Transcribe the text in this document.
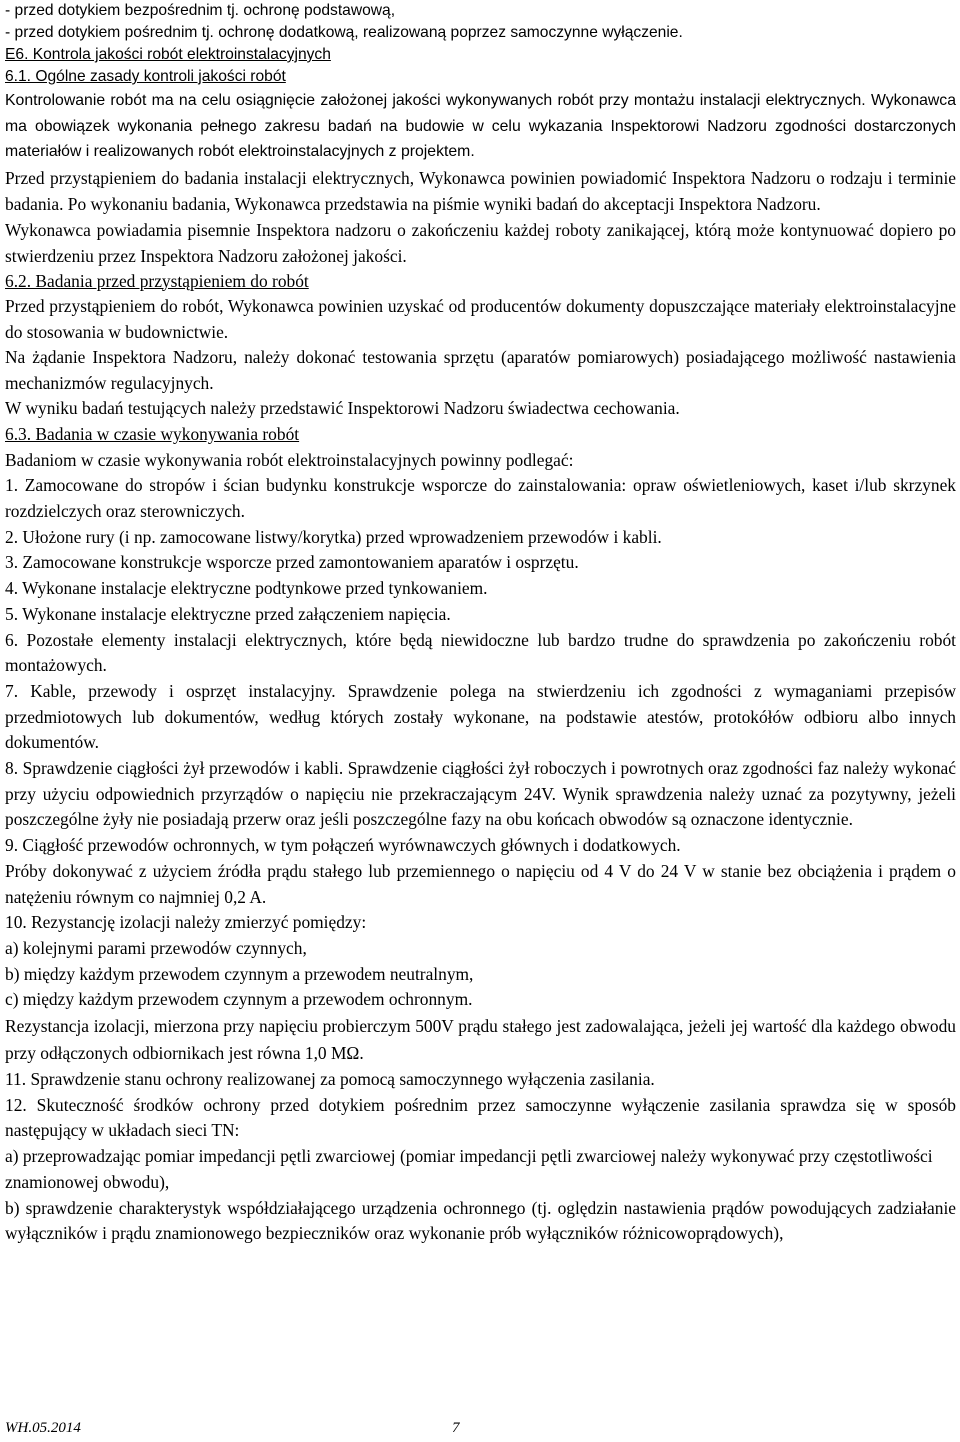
- przed dotykiem bezpośrednim tj. ochronę podstawową,

- przed dotykiem pośrednim tj. ochronę dodatkową, realizowaną poprzez samoczynne wyłączenie.

E6. Kontrola jakości robót elektroinstalacyjnych

6.1. Ogólne zasady kontroli jakości robót

Kontrolowanie robót ma na celu osiągnięcie założonej jakości wykonywanych robót przy montażu instalacji elektrycznych. Wykonawca ma obowiązek wykonania pełnego zakresu badań na budowie w celu wykazania Inspektorowi Nadzoru zgodności dostarczonych materiałów i realizowanych robót elektroinstalacyjnych z projektem.

Przed przystąpieniem do badania instalacji elektrycznych, Wykonawca powinien powiadomić Inspektora Nadzoru o rodzaju i terminie badania. Po wykonaniu badania, Wykonawca przedstawia na piśmie wyniki badań do akceptacji Inspektora Nadzoru.

Wykonawca powiadamia pisemnie Inspektora nadzoru o zakończeniu każdej roboty zanikającej, którą może kontynuować dopiero po stwierdzeniu przez Inspektora Nadzoru założonej jakości.

6.2. Badania przed przystąpieniem do robót

Przed przystąpieniem do robót, Wykonawca powinien uzyskać od producentów dokumenty dopuszczające materiały elektroinstalacyjne do stosowania w budownictwie.

Na żądanie Inspektora Nadzoru, należy dokonać testowania sprzętu (aparatów pomiarowych) posiadającego możliwość nastawienia mechanizmów regulacyjnych.

W wyniku badań testujących należy przedstawić Inspektorowi Nadzoru świadectwa cechowania.

6.3. Badania w czasie wykonywania robót

Badaniom w czasie wykonywania robót elektroinstalacyjnych powinny podlegać:

1. Zamocowane do stropów i ścian budynku konstrukcje wsporcze do zainstalowania: opraw oświetleniowych, kaset i/lub skrzynek rozdzielczych oraz sterowniczych.

2. Ułożone rury (i np. zamocowane listwy/korytka) przed wprowadzeniem przewodów i kabli.

3. Zamocowane konstrukcje wsporcze przed zamontowaniem aparatów i osprzętu.

4. Wykonane instalacje elektryczne podtynkowe przed tynkowaniem.

5. Wykonane instalacje elektryczne przed załączeniem napięcia.

6. Pozostałe elementy instalacji elektrycznych, które będą niewidoczne lub bardzo trudne do sprawdzenia po zakończeniu robót montażowych.

7. Kable, przewody i osprzęt instalacyjny. Sprawdzenie polega na stwierdzeniu ich zgodności z wymaganiami przepisów przedmiotowych lub dokumentów, według których zostały wykonane, na podstawie atestów, protokółów odbioru albo innych dokumentów.

8. Sprawdzenie ciągłości żył przewodów i kabli. Sprawdzenie ciągłości żył roboczych i powrotnych oraz zgodności faz należy wykonać przy użyciu odpowiednich przyrządów o napięciu nie przekraczającym 24V. Wynik sprawdzenia należy uznać za pozytywny, jeżeli poszczególne żyły nie posiadają przerw oraz jeśli poszczególne fazy na obu końcach obwodów są oznaczone identycznie.

9. Ciągłość przewodów ochronnych, w tym połączeń wyrównawczych głównych i dodatkowych.

Próby dokonywać z użyciem źródła prądu stałego lub przemiennego o napięciu od 4 V do 24 V w stanie bez obciążenia i prądem o natężeniu równym co najmniej 0,2 A.

10. Rezystancję izolacji należy zmierzyć pomiędzy:

a) kolejnymi parami przewodów czynnych,

b) między każdym przewodem czynnym a przewodem neutralnym,

c) między każdym przewodem czynnym a przewodem ochronnym.

Rezystancja izolacji, mierzona przy napięciu probierczym 500V prądu stałego jest zadowalająca, jeżeli jej wartość dla każdego obwodu przy odłączonych odbiornikach jest równa 1,0 MΩ.

11. Sprawdzenie stanu ochrony realizowanej za pomocą samoczynnego wyłączenia zasilania.

12. Skuteczność środków ochrony przed dotykiem pośrednim przez samoczynne wyłączenie zasilania sprawdza się w sposób następujący w układach sieci TN:

a) przeprowadzając pomiar impedancji pętli zwarciowej (pomiar impedancji pętli zwarciowej należy wykonywać przy częstotliwości znamionowej obwodu),

b) sprawdzenie charakterystyk współdziałającego urządzenia ochronnego (tj. oględzin nastawienia prądów powodujących zadziałanie wyłączników i prądu znamionowego bezpieczników oraz wykonanie prób wyłączników różnicowoprądowych),

WH.05.2014	7
